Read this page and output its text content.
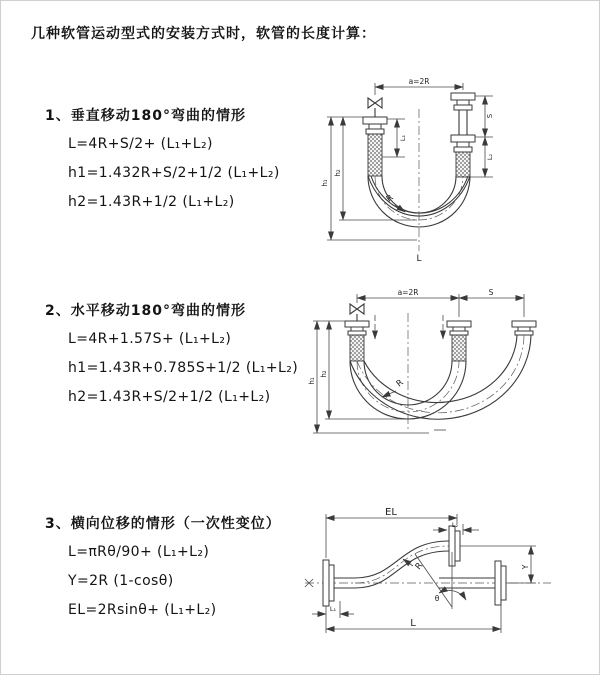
几种软管运动型式的安装方式时，软管的长度计算：

1、垂直移动180°弯曲的情形

L=4R+S/2+ (L₁+L₂)

h1=1.432R+S/2+1/2 (L₁+L₂)

h2=1.43R+1/2 (L₁+L₂)

a=2R
h₁
h₂
L₁
S
L₂
R
L

2、水平移动180°弯曲的情形

L=4R+1.57S+ (L₁+L₂)

h1=1.43R+0.785S+1/2 (L₁+L₂)

h2=1.43R+S/2+1/2 (L₁+L₂)

a=2R	S
h₁
h₂
R

3、横向位移的情形（一次性变位）

L=πRθ/90+ (L₁+L₂)

Y=2R (1-cosθ)

EL=2Rsinθ+ (L₁+L₂)

θ
EL
L₂
Y
L₁
L
R
